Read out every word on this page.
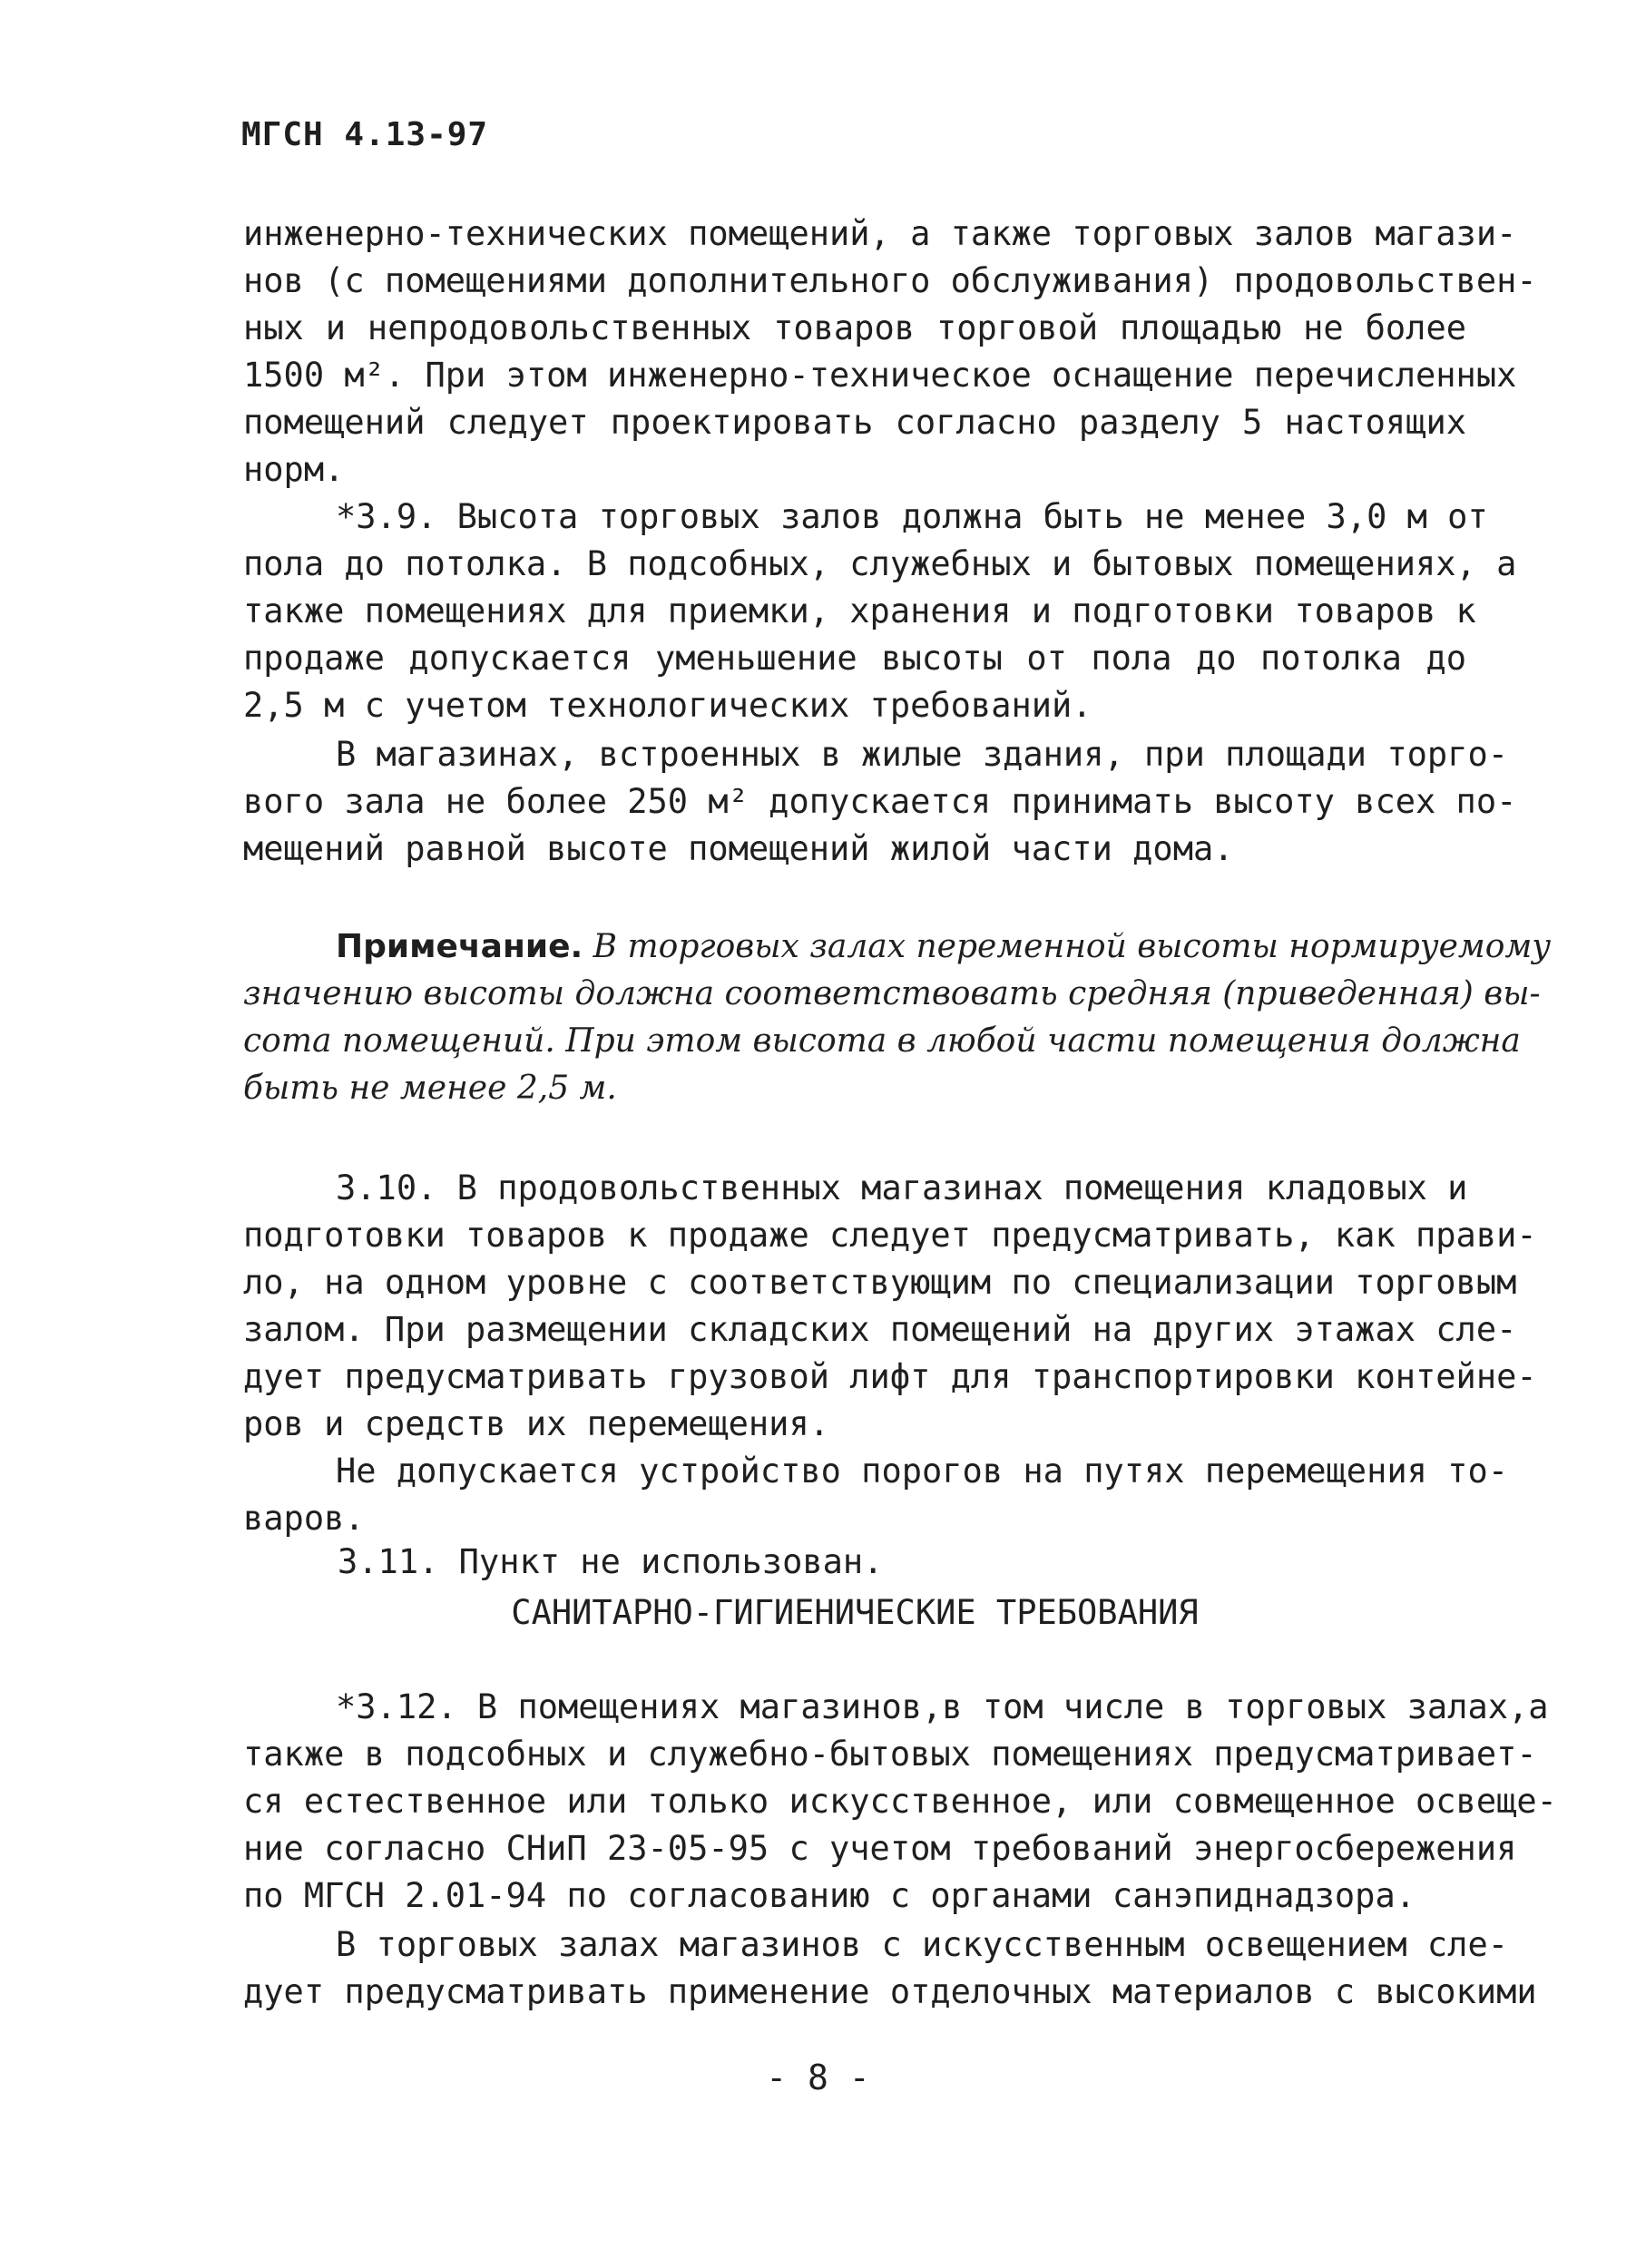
МГСН 4.13-97
инженерно-технических помещений, а также торговых залов магази-
нов (с помещениями дополнительного обслуживания) продовольствен-
ных и непродовольственных товаров торговой площадью не более
1500 м². При этом инженерно-техническое оснащение перечисленных
помещений следует проектировать согласно разделу 5 настоящих
норм.
*3.9. Высота торговых залов должна быть не менее 3,0 м от
пола до потолка. В подсобных, служебных и бытовых помещениях, а
также помещениях для приемки, хранения и подготовки товаров к
продаже допускается уменьшение высоты от пола до потолка до
2,5 м с учетом технологических требований.
В магазинах, встроенных в жилые здания, при площади торго-
вого зала не более 250 м² допускается принимать высоту всех по-
мещений равной высоте помещений жилой части дома.
Примечание. В торговых залах переменной высоты нормируемому
значению высоты должна соответствовать средняя (приведенная) вы-
сота помещений. При этом высота в любой части помещения должна
быть не менее 2,5 м.
3.10. В продовольственных магазинах помещения кладовых и
подготовки товаров к продаже следует предусматривать, как прави-
ло, на одном уровне с соответствующим по специализации торговым
залом. При размещении складских помещений на других этажах сле-
дует предусматривать грузовой лифт для транспортировки контейне-
ров и средств их перемещения.
Не допускается устройство порогов на путях перемещения то-
варов.
3.11. Пункт не использован.
САНИТАРНО-ГИГИЕНИЧЕСКИЕ ТРЕБОВАНИЯ
*3.12. В помещениях магазинов,в том числе в торговых залах,а
также в подсобных и служебно-бытовых помещениях предусматривает-
ся естественное или только искусственное, или совмещенное освеще-
ние согласно СНиП 23-05-95 с учетом требований энергосбережения
по МГСН 2.01-94 по согласованию с органами санэпиднадзора.
В торговых залах магазинов с искусственным освещением сле-
дует предусматривать применение отделочных материалов с высокими
- 8 -
